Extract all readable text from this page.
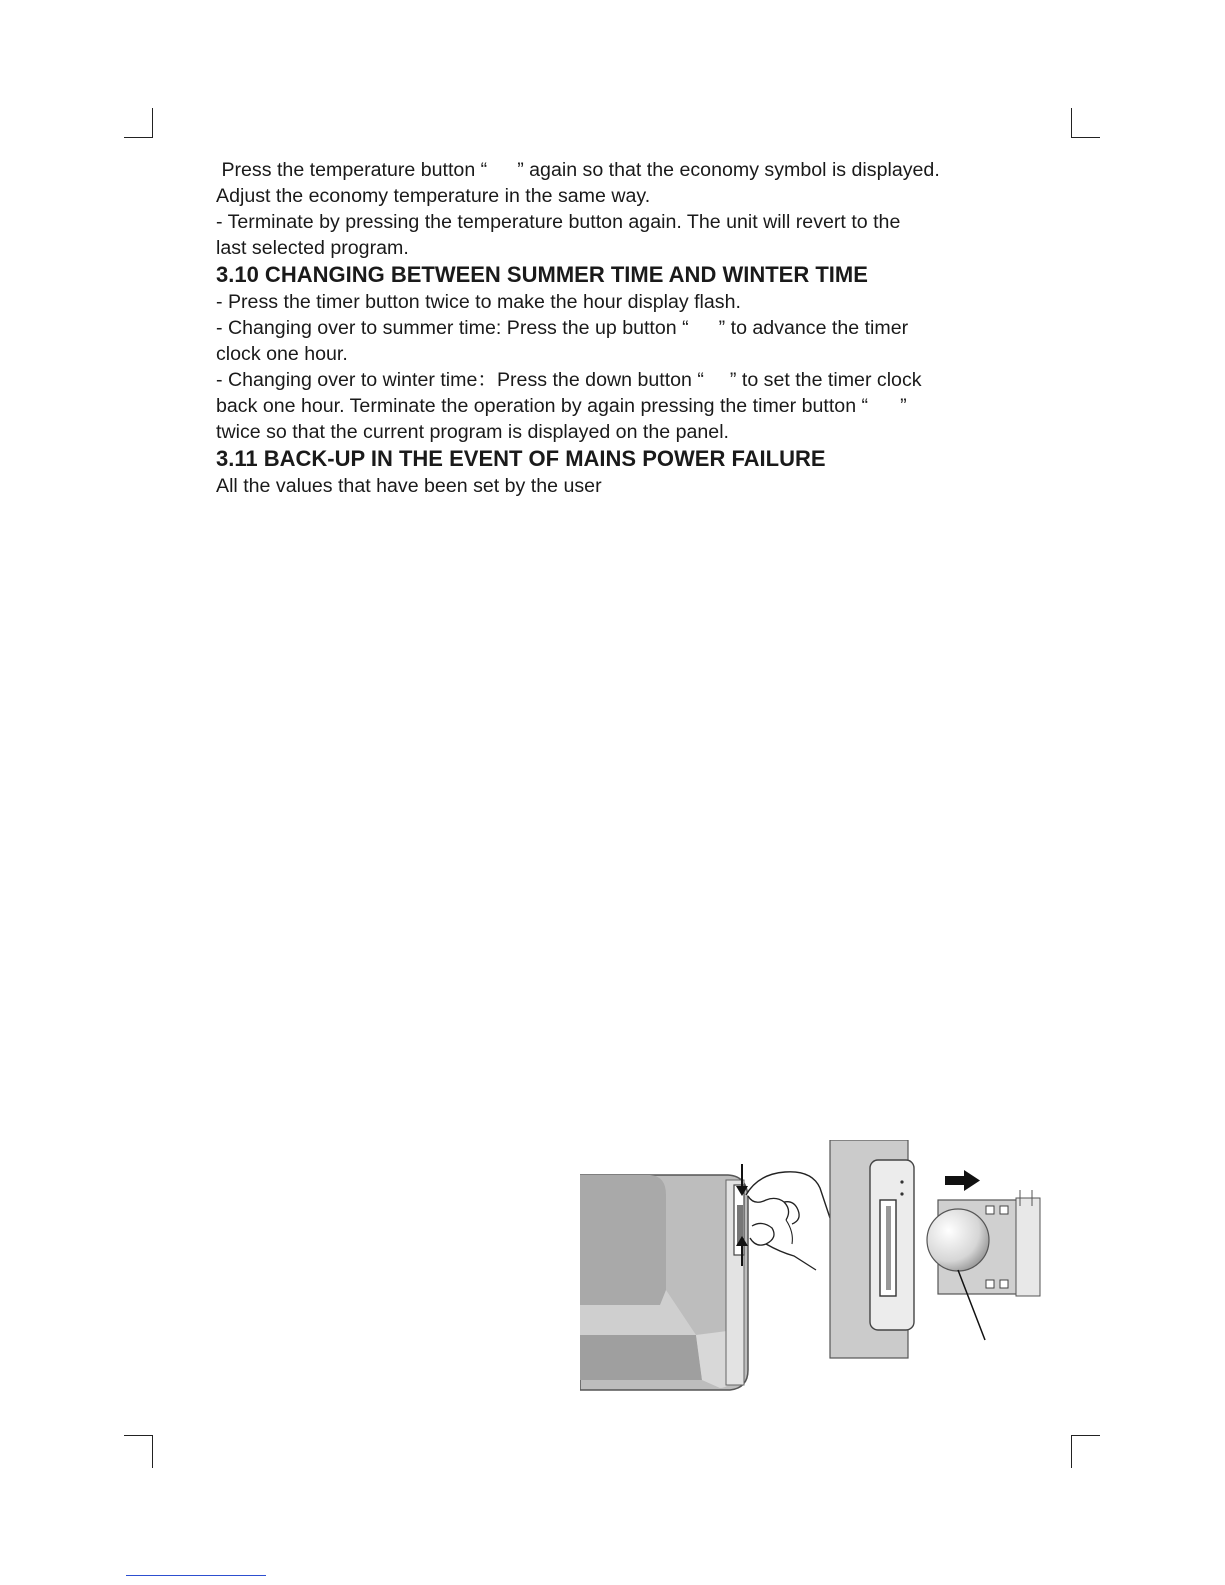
Press the temperature button “ ” again so that the economy symbol is displayed.

Adjust the economy temperature in the same way.

- Terminate by pressing the temperature button again. The unit will revert to the

last selected program.

3.10 CHANGING BETWEEN SUMMER TIME AND WINTER TIME

- Press the timer button twice to make the hour display flash.

- Changing over to summer time: Press the up button “ ” to advance the timer

clock one hour.

- Changing over to winter time：Press the down button “ ” to set the timer clock

back one hour. Terminate the operation by again pressing the timer button “ ”

twice so that the current program is displayed on the panel.

3.11 BACK-UP IN THE EVENT OF MAINS POWER FAILURE

All the values that have been set by the user
